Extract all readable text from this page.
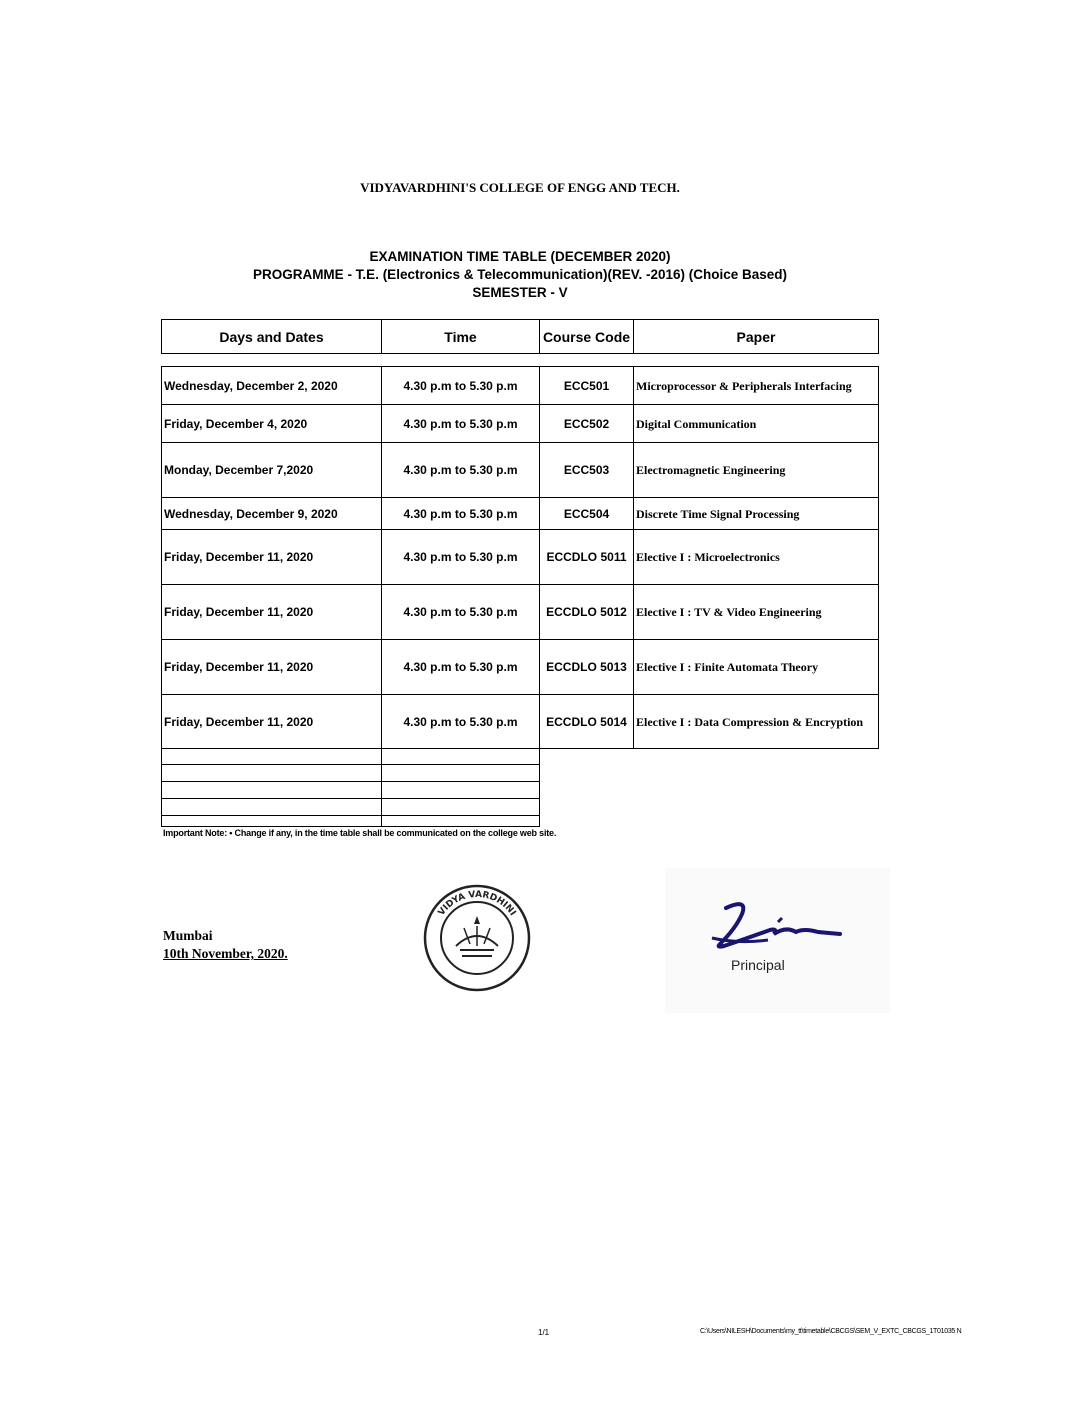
VIDYAVARDHINI'S COLLEGE OF ENGG AND TECH.
EXAMINATION TIME TABLE (DECEMBER 2020)
PROGRAMME - T.E. (Electronics & Telecommunication)(REV. -2016) (Choice Based)
SEMESTER - V
Days and Dates	Time	Course Code	Paper
Wednesday, December 2, 2020	4.30 p.m to 5.30 p.m	ECC501	Microprocessor & Peripherals Interfacing
Friday, December 4, 2020	4.30 p.m to 5.30 p.m	ECC502	Digital Communication
Monday, December 7,2020	4.30 p.m to 5.30 p.m	ECC503	Electromagnetic Engineering
Wednesday, December 9, 2020	4.30 p.m to 5.30 p.m	ECC504	Discrete Time Signal Processing
Friday, December 11, 2020	4.30 p.m to 5.30 p.m	ECCDLO 5011	Elective I : Microelectronics
Friday, December 11, 2020	4.30 p.m to 5.30 p.m	ECCDLO 5012	Elective I : TV & Video Engineering
Friday, December 11, 2020	4.30 p.m to 5.30 p.m	ECCDLO 5013	Elective I : Finite Automata Theory
Friday, December 11, 2020	4.30 p.m to 5.30 p.m	ECCDLO 5014	Elective I : Data Compression & Encryption

Important Note: • Change if any, in the time table shall be communicated on the college web site.
Mumbai
10th November, 2020.
VIDYA VARDHINI
Principal
1/1	C:\Users\NILESH\Documents\my_tt\timetable\CBCGS\SEM_V_EXTC_CBCGS_1T01035 N
